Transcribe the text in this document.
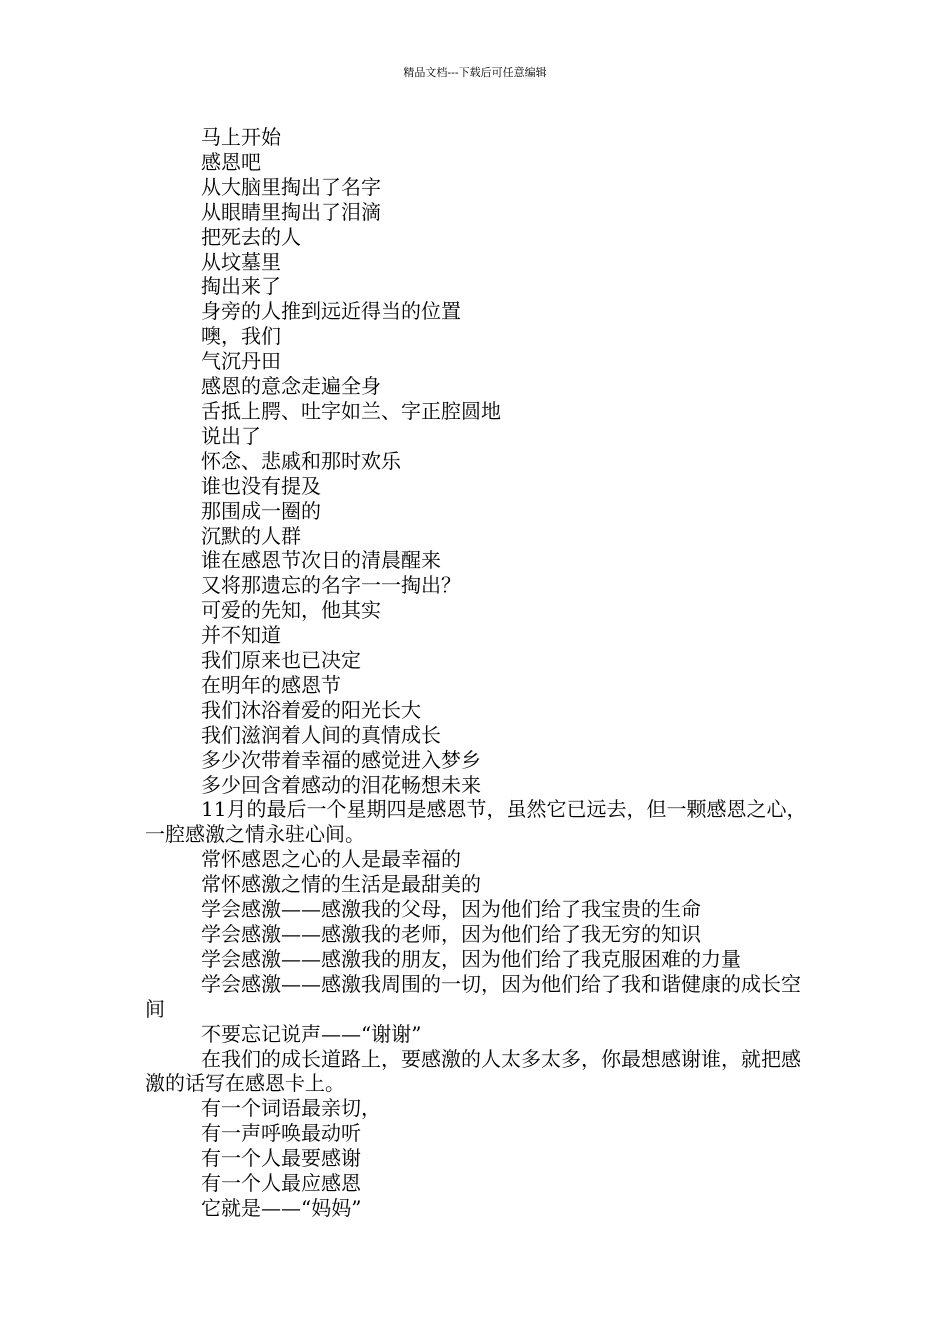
精品文档---下载后可任意编辑

马上开始

感恩吧

从大脑里掏出了名字

从眼睛里掏出了泪滴

把死去的人

从坟墓里

掏出来了

身旁的人推到远近得当的位置

噢，我们

气沉丹田

感恩的意念走遍全身

舌抵上腭、吐字如兰、字正腔圆地

说出了

怀念、悲戚和那时欢乐

谁也没有提及

那围成一圈的

沉默的人群

谁在感恩节次日的清晨醒来

又将那遗忘的名字一一掏出？

可爱的先知，他其实

并不知道

我们原来也已决定

在明年的感恩节

我们沐浴着爱的阳光长大

我们滋润着人间的真情成长

多少次带着幸福的感觉进入梦乡

多少回含着感动的泪花畅想未来

11月的最后一个星期四是感恩节，虽然它已远去，但一颗感恩之心，一腔感激之情永驻心间。

常怀感恩之心的人是最幸福的

常怀感激之情的生活是最甜美的

学会感激——感激我的父母，因为他们给了我宝贵的生命

学会感激——感激我的老师，因为他们给了我无穷的知识

学会感激——感激我的朋友，因为他们给了我克服困难的力量

学会感激——感激我周围的一切，因为他们给了我和谐健康的成长空间

不要忘记说声——“谢谢”

在我们的成长道路上，要感激的人太多太多，你最想感谢谁，就把感激的话写在感恩卡上。

有一个词语最亲切，

有一声呼唤最动听

有一个人最要感谢

有一个人最应感恩

它就是——“妈妈”
